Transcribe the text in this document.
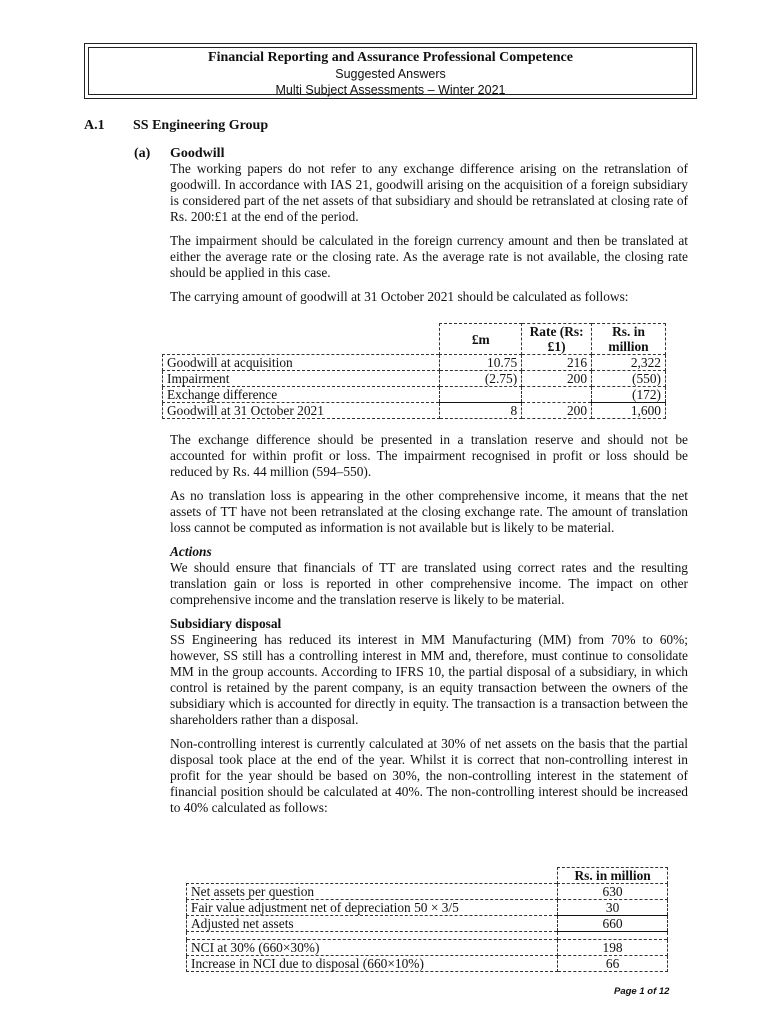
Financial Reporting and Assurance Professional Competence
Suggested Answers
Multi Subject Assessments – Winter 2021
A.1 SS Engineering Group
(a) Goodwill

The working papers do not refer to any exchange difference arising on the retranslation of goodwill. In accordance with IAS 21, goodwill arising on the acquisition of a foreign subsidiary is considered part of the net assets of that subsidiary and should be retranslated at closing rate of Rs. 200:£1 at the end of the period.

The impairment should be calculated in the foreign currency amount and then be translated at either the average rate or the closing rate. As the average rate is not available, the closing rate should be applied in this case.

The carrying amount of goodwill at 31 October 2021 should be calculated as follows:

	£m	Rate (Rs:£1)	Rs. in million
Goodwill at acquisition	10.75	216	2,322
Impairment	(2.75)	200	(550)
Exchange difference			(172)
Goodwill at 31 October 2021	8	200	1,600

The exchange difference should be presented in a translation reserve and should not be accounted for within profit or loss. The impairment recognised in profit or loss should be reduced by Rs. 44 million (594–550).

As no translation loss is appearing in the other comprehensive income, it means that the net assets of TT have not been retranslated at the closing exchange rate. The amount of translation loss cannot be computed as information is not available but is likely to be material.

Actions

We should ensure that financials of TT are translated using correct rates and the resulting translation gain or loss is reported in other comprehensive income. The impact on other comprehensive income and the translation reserve is likely to be material.

Subsidiary disposal

SS Engineering has reduced its interest in MM Manufacturing (MM) from 70% to 60%; however, SS still has a controlling interest in MM and, therefore, must continue to consolidate MM in the group accounts. According to IFRS 10, the partial disposal of a subsidiary, in which control is retained by the parent company, is an equity transaction between the owners of the subsidiary which is accounted for directly in equity. The transaction is a transaction between the shareholders rather than a disposal.

Non-controlling interest is currently calculated at 30% of net assets on the basis that the partial disposal took place at the end of the year. Whilst it is correct that non-controlling interest in profit for the year should be based on 30%, the non-controlling interest in the statement of financial position should be calculated at 40%. The non-controlling interest should be increased to 40% calculated as follows:

	Rs. in million
Net assets per question	630
Fair value adjustment net of depreciation 50 × 3/5	30
Adjusted net assets	660

NCI at 30% (660×30%)	198
Increase in NCI due to disposal (660×10%)	66
Page 1 of 12
